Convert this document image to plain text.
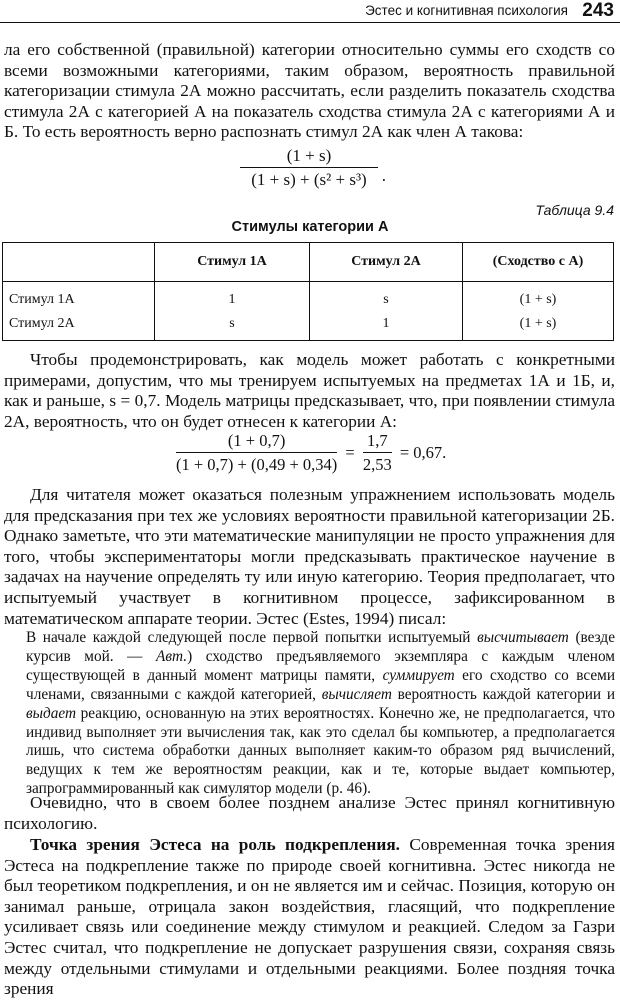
Эстес и когнитивная психология 243

ла его собственной (правильной) категории относительно суммы его сходств со всеми возможными категориями, таким образом, вероятность правильной категоризации стимула 2А можно рассчитать, если разделить показатель сходства стимула 2А с категорией А на показатель сходства стимула 2А с категориями А и Б. То есть вероятность верно распознать стимул 2А как член А такова:

(1 + s)
(1 + s) + (s² + s³) .
Таблица 9.4
Стимулы категории А
	Стимул 1А	Стимул 2А	(Сходство с А)
Стимул 1А	1	s	(1 + s)
Стимул 2А	s	1	(1 + s)

Чтобы продемонстрировать, как модель может работать с конкретными примерами, допустим, что мы тренируем испытуемых на предметах 1А и 1Б, и, как и раньше, s = 0,7. Модель матрицы предсказывает, что, при появлении стимула 2А, вероятность, что он будет отнесен к категории А:

$\frac{(1 + 0,7)}{(1 + 0,7) + (0,49 + 0,34)} = \frac{1,7}{2,53} = 0,67$.

Для читателя может оказаться полезным упражнением использовать модель для предсказания при тех же условиях вероятности правильной категоризации 2Б. Однако заметьте, что эти математические манипуляции не просто упражнения для того, чтобы экспериментаторы могли предсказывать практическое научение в задачах на научение определять ту или иную категорию. Теория предполагает, что испытуемый участвует в когнитивном процессе, зафиксированном в математическом аппарате теории. Эстес (Estes, 1994) писал:

В начале каждой следующей после первой попытки испытуемый высчитывает (везде курсив мой. — Авт.) сходство предъявляемого экземпляра с каждым членом существующей в данный момент матрицы памяти, суммирует его сходство со всеми членами, связанными с каждой категорией, вычисляет вероятность каждой категории и выдает реакцию, основанную на этих вероятностях. Конечно же, не предполагается, что индивид выполняет эти вычисления так, как это сделал бы компьютер, а предполагается лишь, что система обработки данных выполняет каким-то образом ряд вычислений, ведущих к тем же вероятностям реакции, как и те, которые выдает компьютер, запрограммированный как симулятор модели (р. 46).

Очевидно, что в своем более позднем анализе Эстес принял когнитивную психологию.

Точка зрения Эстеса на роль подкрепления. Современная точка зрения Эстеса на подкрепление также по природе своей когнитивна. Эстес никогда не был теоретиком подкрепления, и он не является им и сейчас. Позиция, которую он занимал раньше, отрицала закон воздействия, гласящий, что подкрепление усиливает связь или соединение между стимулом и реакцией. Следом за Газри Эстес считал, что подкрепление не допускает разрушения связи, сохраняя связь между отдельными стимулами и отдельными реакциями. Более поздняя точка зрения
